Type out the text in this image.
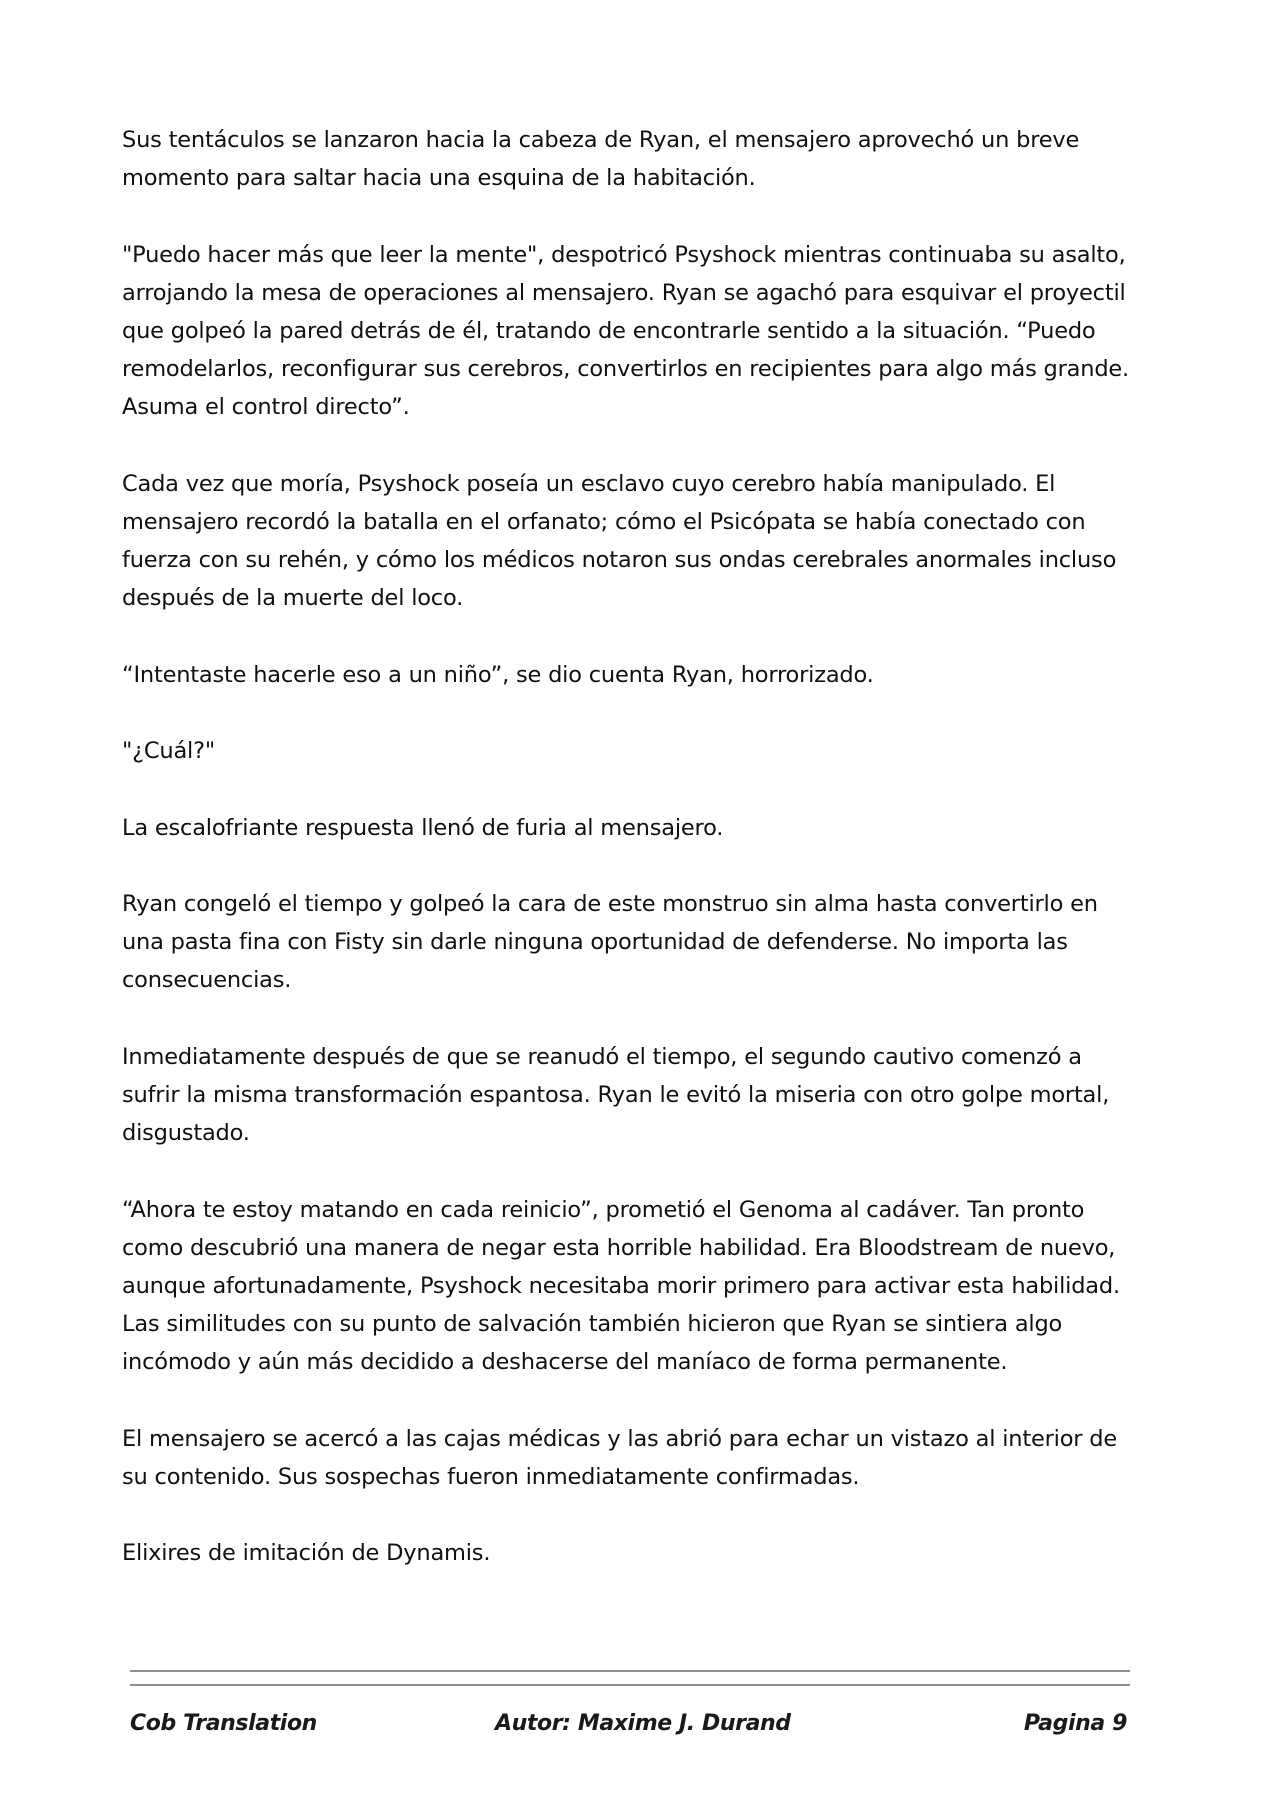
Sus tentáculos se lanzaron hacia la cabeza de Ryan, el mensajero aprovechó un breve momento para saltar hacia una esquina de la habitación.

"Puedo hacer más que leer la mente", despotricó Psyshock mientras continuaba su asalto, arrojando la mesa de operaciones al mensajero. Ryan se agachó para esquivar el proyectil que golpeó la pared detrás de él, tratando de encontrarle sentido a la situación. “Puedo remodelarlos, reconfigurar sus cerebros, convertirlos en recipientes para algo más grande. Asuma el control directo”.

Cada vez que moría, Psyshock poseía un esclavo cuyo cerebro había manipulado. El mensajero recordó la batalla en el orfanato; cómo el Psicópata se había conectado con fuerza con su rehén, y cómo los médicos notaron sus ondas cerebrales anormales incluso después de la muerte del loco.

“Intentaste hacerle eso a un niño”, se dio cuenta Ryan, horrorizado.

"¿Cuál?"

La escalofriante respuesta llenó de furia al mensajero.

Ryan congeló el tiempo y golpeó la cara de este monstruo sin alma hasta convertirlo en una pasta fina con Fisty sin darle ninguna oportunidad de defenderse. No importa las consecuencias.

Inmediatamente después de que se reanudó el tiempo, el segundo cautivo comenzó a sufrir la misma transformación espantosa. Ryan le evitó la miseria con otro golpe mortal, disgustado.

“Ahora te estoy matando en cada reinicio”, prometió el Genoma al cadáver. Tan pronto como descubrió una manera de negar esta horrible habilidad. Era Bloodstream de nuevo, aunque afortunadamente, Psyshock necesitaba morir primero para activar esta habilidad. Las similitudes con su punto de salvación también hicieron que Ryan se sintiera algo incómodo y aún más decidido a deshacerse del maníaco de forma permanente.

El mensajero se acercó a las cajas médicas y las abrió para echar un vistazo al interior de su contenido. Sus sospechas fueron inmediatamente confirmadas.

Elixires de imitación de Dynamis.

Cob Translation	Autor: Maxime J. Durand	Pagina 9
